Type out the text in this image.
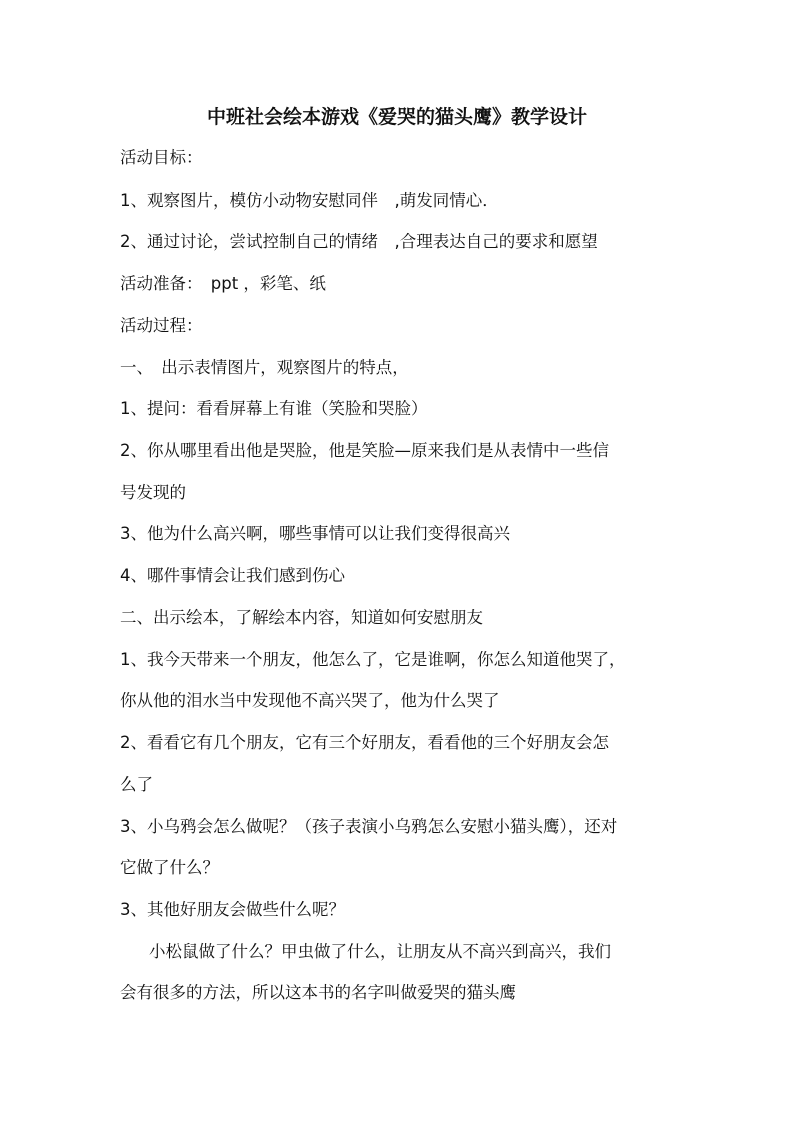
中班社会绘本游戏《爱哭的猫头鹰》教学设计
活动目标：
1、观察图片，模仿小动物安慰同伴　,萌发同情心．
2、通过讨论，尝试控制自己的情绪　,合理表达自己的要求和愿望
活动准备：　ppt ，彩笔、纸
活动过程：
一、　出示表情图片，观察图片的特点，
1、提问：看看屏幕上有谁（笑脸和哭脸）
2、你从哪里看出他是哭脸，他是笑脸—原来我们是从表情中一些信
号发现的
3、他为什么高兴啊，哪些事情可以让我们变得很高兴
4、哪件事情会让我们感到伤心
二、出示绘本，了解绘本内容，知道如何安慰朋友
1、我今天带来一个朋友，他怎么了，它是谁啊，你怎么知道他哭了，
你从他的泪水当中发现他不高兴哭了，他为什么哭了
2、看看它有几个朋友，它有三个好朋友，看看他的三个好朋友会怎
么了
3、小乌鸦会怎么做呢？（孩子表演小乌鸦怎么安慰小猫头鹰），还对
它做了什么？
3、其他好朋友会做些什么呢？
小松鼠做了什么？甲虫做了什么，让朋友从不高兴到高兴，我们
会有很多的方法，所以这本书的名字叫做爱哭的猫头鹰
